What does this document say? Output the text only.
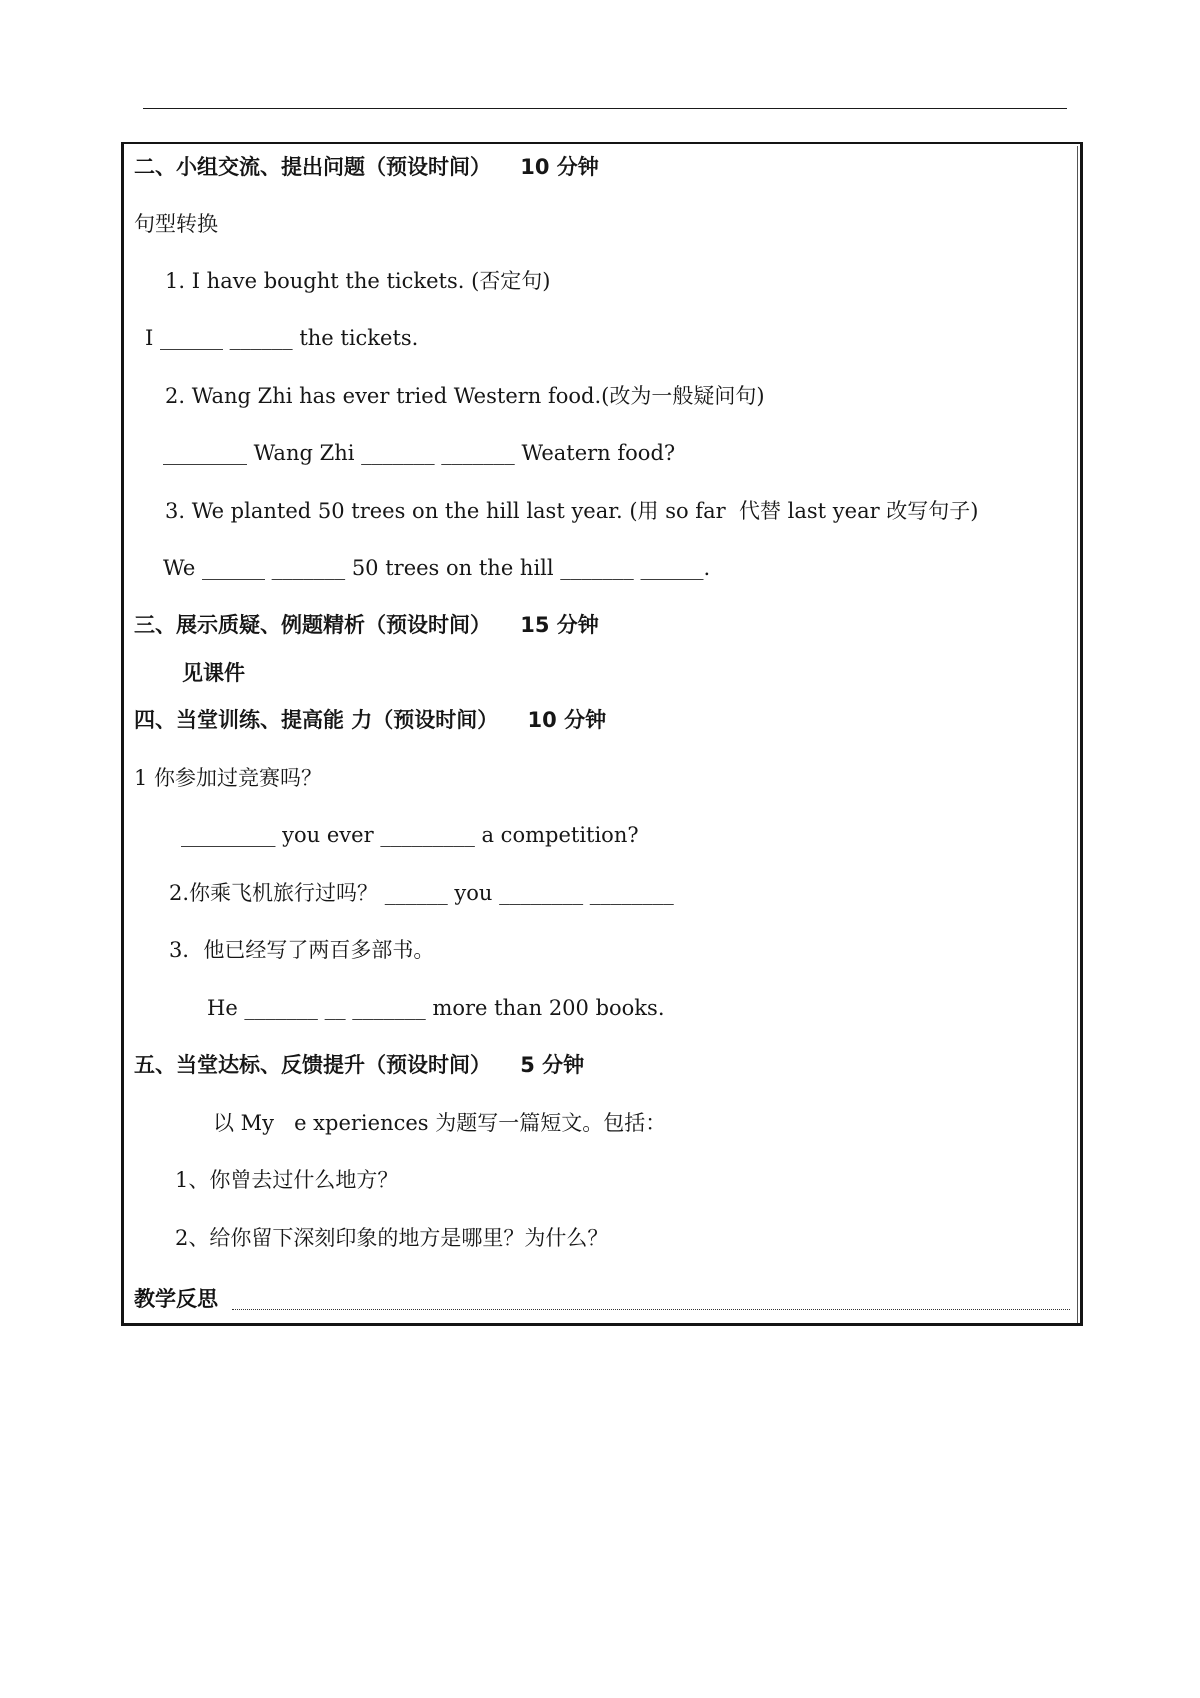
二、小组交流、提出问题（预设时间）    10 分钟
句型转换
1. I have bought the tickets. (否定句)
I ______ ______ the tickets.
2. Wang Zhi has ever tried Western food.(改为一般疑问句)
________ Wang Zhi _______ _______ Weatern food?
3. We planted 50 trees on the hill last year. (用 so far  代替 last year 改写句子)
We ______ _______ 50 trees on the hill _______ ______.
三、展示质疑、例题精析（预设时间）    15 分钟
见课件
四、当堂训练、提高能 力（预设时间）    10 分钟
1 你参加过竞赛吗？
_________ you ever _________ a competition?
2.你乘飞机旅行过吗？ ______ you ________ ________
3．他已经写了两百多部书。
He _______ __ _______ more than 200 books.
五、当堂达标、反馈提升（预设时间）    5 分钟
以 My   e xperiences 为题写一篇短文。包括：
1、你曾去过什么地方？
2、给你留下深刻印象的地方是哪里？为什么？
教学反思
